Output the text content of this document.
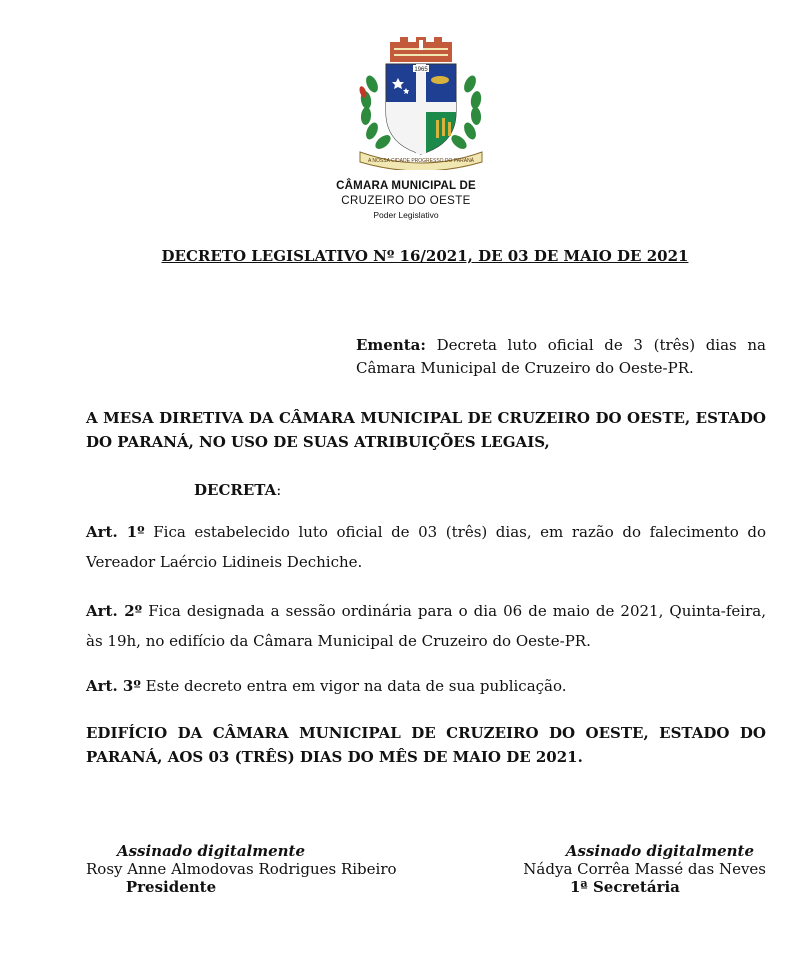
1965
A NOSSA CIDADE PROGRESSO DO PARANÁ
CÂMARA MUNICIPAL DE
CRUZEIRO DO OESTE
Poder Legislativo
DECRETO LEGISLATIVO Nº 16/2021, DE 03 DE MAIO DE 2021
Ementa: Decreta luto oficial de 3 (três) dias na Câmara Municipal de Cruzeiro do Oeste-PR.
A MESA DIRETIVA DA CÂMARA MUNICIPAL DE CRUZEIRO DO OESTE, ESTADO DO PARANÁ, NO USO DE SUAS ATRIBUIÇÕES LEGAIS,
DECRETA:
Art. 1º Fica estabelecido luto oficial de 03 (três) dias, em razão do falecimento do Vereador Laércio Lidineis Dechiche.
Art. 2º Fica designada a sessão ordinária para o dia 06 de maio de 2021, Quinta-feira, às 19h, no edifício da Câmara Municipal de Cruzeiro do Oeste-PR.
Art. 3º Este decreto entra em vigor na data de sua publicação.
EDIFÍCIO DA CÂMARA MUNICIPAL DE CRUZEIRO DO OESTE, ESTADO DO PARANÁ, AOS 03 (TRÊS) DIAS DO MÊS DE MAIO DE 2021.
Assinado digitalmente
Rosy Anne Almodovas Rodrigues Ribeiro
Presidente
Assinado digitalmente
Nádya Corrêa Massé das Neves
1ª Secretária
